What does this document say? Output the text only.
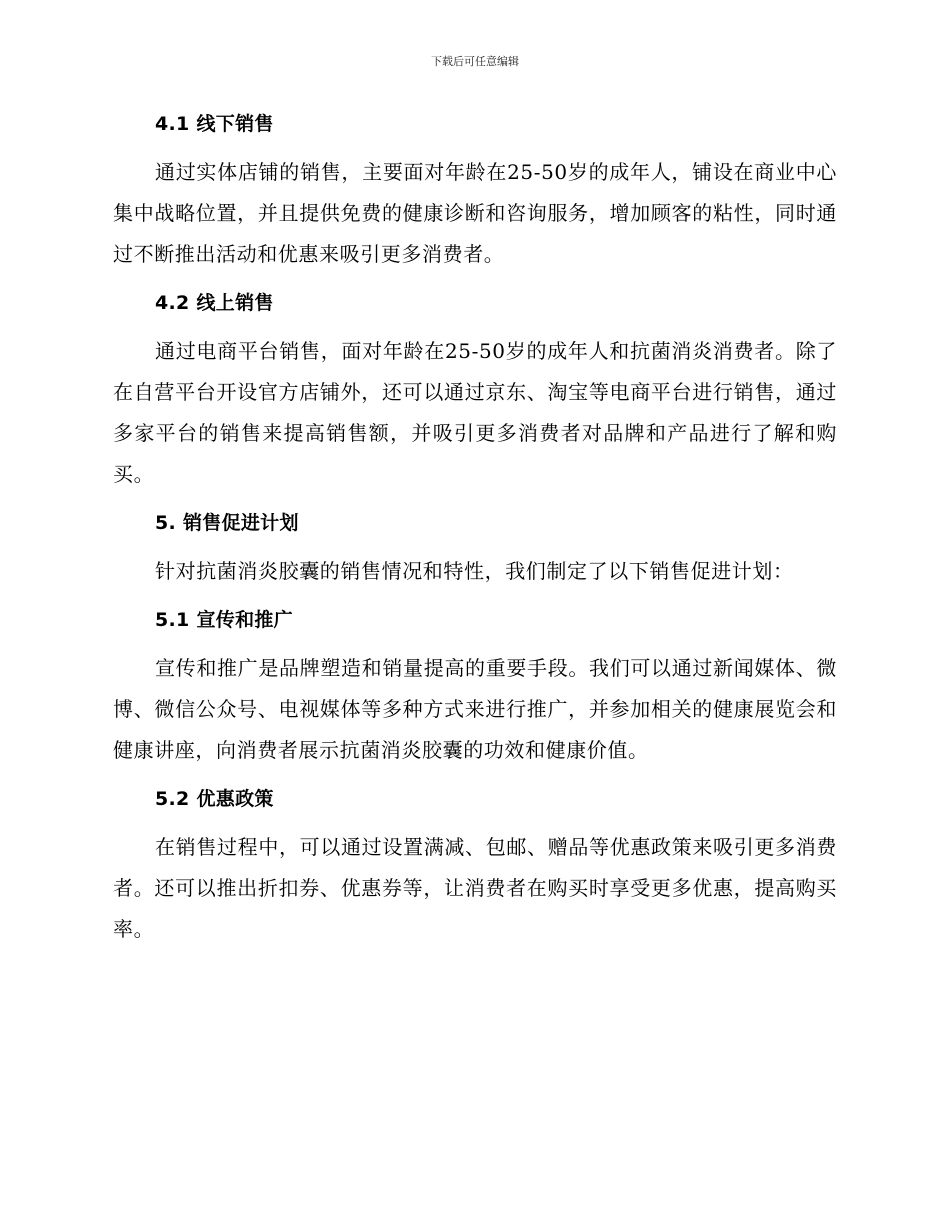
下载后可任意编辑
4.1 线下销售

通过实体店铺的销售，主要面对年龄在25-50岁的成年人，铺设在商业中心集中战略位置，并且提供免费的健康诊断和咨询服务，增加顾客的粘性，同时通过不断推出活动和优惠来吸引更多消费者。

4.2 线上销售

通过电商平台销售，面对年龄在25-50岁的成年人和抗菌消炎消费者。除了在自营平台开设官方店铺外，还可以通过京东、淘宝等电商平台进行销售，通过多家平台的销售来提高销售额，并吸引更多消费者对品牌和产品进行了解和购买。

5. 销售促进计划

针对抗菌消炎胶囊的销售情况和特性，我们制定了以下销售促进计划：

5.1 宣传和推广

宣传和推广是品牌塑造和销量提高的重要手段。我们可以通过新闻媒体、微博、微信公众号、电视媒体等多种方式来进行推广，并参加相关的健康展览会和健康讲座，向消费者展示抗菌消炎胶囊的功效和健康价值。

5.2 优惠政策

在销售过程中，可以通过设置满减、包邮、赠品等优惠政策来吸引更多消费者。还可以推出折扣券、优惠券等，让消费者在购买时享受更多优惠，提高购买率。
